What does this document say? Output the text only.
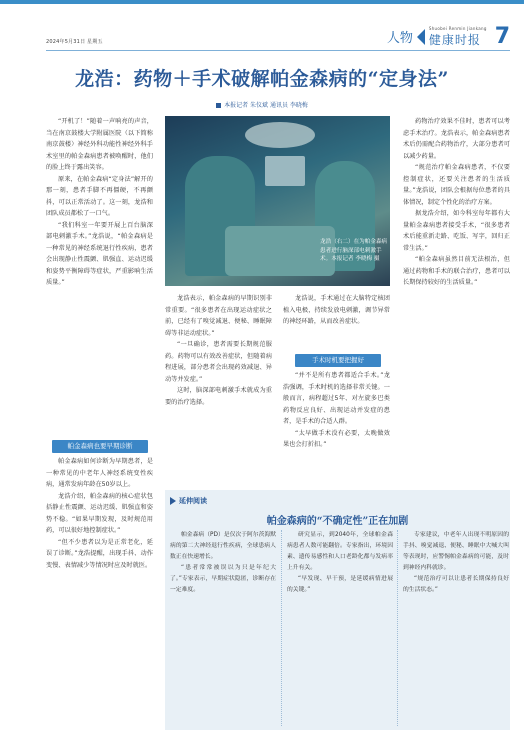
2024年5月31日 星期五	人物
Shuobei Renmin Jiankang
健康时报 7
龙浩：药物＋手术破解帕金森病的“定身法”
本报记者 朱仪斌 通讯员 李晓梅

“开机了！”随着一声响亮的声音，当在南京鼓楼大学附属医院（以下简称南京鼓楼）神经外科功能性神经外科手术室里的帕金森病患者被唤醒时，他们的脸上终于露出笑容。

原来，在帕金森病“定身法”解开的那一刻，患者手脚不再僵硬，不再颤抖，可以正常活动了。这一刻，龙浩和团队成员都松了一口气。

“我们科室一年要开展上百台脑深部电刺激手术。”龙浩说，“帕金森病是一种常见的神经系统退行性疾病，患者会出现静止性震颤、肌强直、运动迟缓和姿势平衡障碍等症状，严重影响生活质量。”

帕金森病也要早期诊断

帕金森病如何诊断为早期患者，是一种常见的中老年人神经系统变性疾病，通常发病年龄在50岁以上。

龙浩介绍，帕金森病的核心症状包括静止性震颤、运动迟缓、肌强直和姿势不稳。“如果早期发现，及时规范用药，可以很好地控制症状。”

“但不少患者以为是正常老化，延误了诊断。”龙浩提醒，出现手抖、动作变慢、表情减少等情况时应及时就医。

龙浩（右二）在为帕金森病患者进行脑深部电刺激手术。本报记者 李晓梅 摄

龙浩表示，帕金森病的早期识别非常重要。“很多患者在出现运动症状之前，已经有了嗅觉减退、便秘、睡眠障碍等非运动症状。”

“一旦确诊，患者需要长期规范服药。药物可以有效改善症状，但随着病程进展，部分患者会出现药效减退、异动等并发症。”

这时，脑深部电刺激手术就成为重要的治疗选择。

龙浩说，手术通过在大脑特定核团植入电极，持续发放电刺激，调节异常的神经环路，从而改善症状。

手术时机要把握好

“并不是所有患者都适合手术。”龙浩强调，手术时机的选择非常关键。一般而言，病程超过5年、对左旋多巴类药物反应良好、出现运动并发症的患者，是手术的合适人群。

“太早做手术没有必要，太晚做效果也会打折扣。”

药物治疗效果不佳时，患者可以考虑手术治疗。龙浩表示，帕金森病患者术后仍需配合药物治疗，大部分患者可以减少药量。

“规范治疗帕金森病患者，不仅要控制症状，还要关注患者的生活质量。”龙浩说，团队会根据每位患者的具体情况，制定个性化的治疗方案。

据龙浩介绍，如今科室每年都有大量帕金森病患者接受手术，“很多患者术后能重新走路、吃饭、写字，回归正常生活。”

“帕金森病虽然目前无法根治，但通过药物和手术的联合治疗，患者可以长期保持较好的生活质量。”

延伸阅读
帕金森病的“不确定性”正在加剧

帕金森病（PD）是仅次于阿尔茨海默病的第二大神经退行性疾病，全球患病人数正在快速增长。

“患者常常被误以为只是年纪大了。”专家表示，早期症状隐匿，诊断存在一定难度。

研究显示，到2040年，全球帕金森病患者人数可能翻倍。专家指出，环境因素、遗传易感性和人口老龄化都与发病率上升有关。

“早发现、早干预，是延缓病情进展的关键。”

专家建议，中老年人出现不明原因的手抖、嗅觉减退、便秘、睡眠中大喊大叫等表现时，应警惕帕金森病的可能，及时到神经内科就诊。

“规范治疗可以让患者长期保持良好的生活状态。”
